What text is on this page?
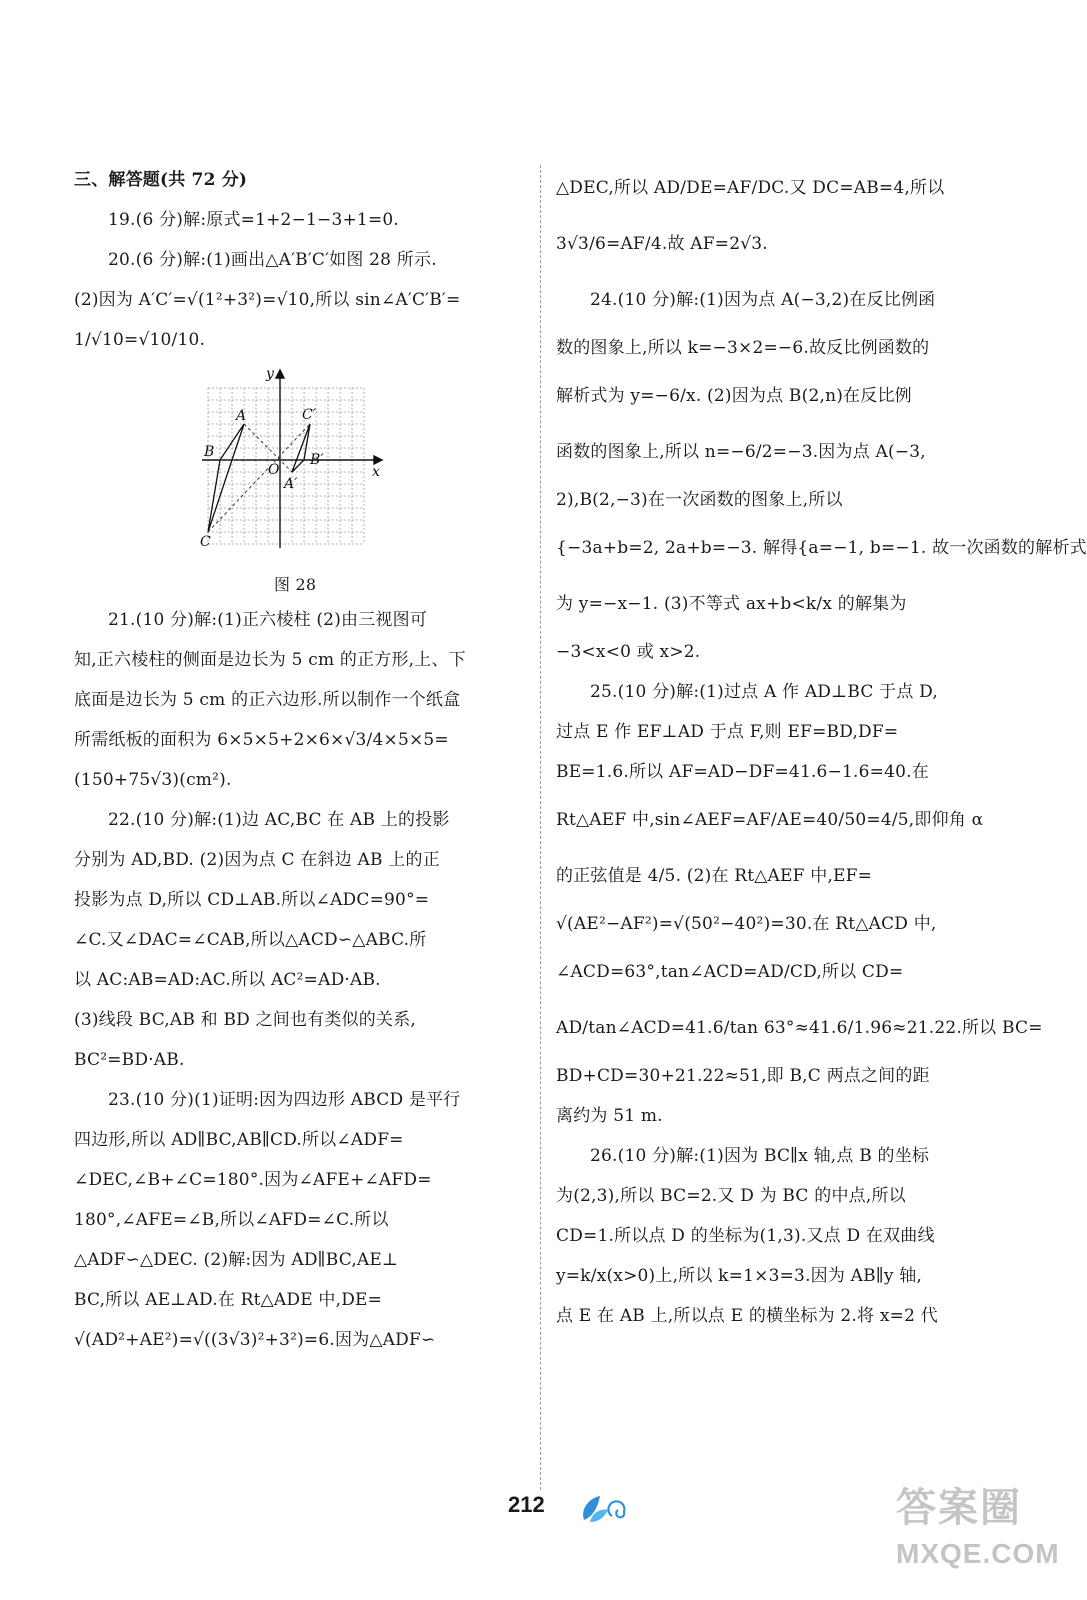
三、解答题(共 72 分)
19.(6 分)解:原式=1+2−1−3+1=0.
20.(6 分)解:(1)画出△A′B′C′如图 28 所示.
(2)因为 A′C′=√(1²+3²)=√10,所以 sin∠A′C′B′=
1/√10=√10/10.
x
y
O
A
B
C
A′
B′
C′
图 28
21.(10 分)解:(1)正六棱柱 (2)由三视图可
知,正六棱柱的侧面是边长为 5 cm 的正方形,上、下
底面是边长为 5 cm 的正六边形.所以制作一个纸盒
所需纸板的面积为 6×5×5+2×6×√3/4×5×5=
(150+75√3)(cm²).
22.(10 分)解:(1)边 AC,BC 在 AB 上的投影
分别为 AD,BD. (2)因为点 C 在斜边 AB 上的正
投影为点 D,所以 CD⊥AB.所以∠ADC=90°=
∠C.又∠DAC=∠CAB,所以△ACD∽△ABC.所
以 AC:AB=AD:AC.所以 AC²=AD·AB.
(3)线段 BC,AB 和 BD 之间也有类似的关系,
BC²=BD·AB.
23.(10 分)(1)证明:因为四边形 ABCD 是平行
四边形,所以 AD∥BC,AB∥CD.所以∠ADF=
∠DEC,∠B+∠C=180°.因为∠AFE+∠AFD=
180°,∠AFE=∠B,所以∠AFD=∠C.所以
△ADF∽△DEC. (2)解:因为 AD∥BC,AE⊥
BC,所以 AE⊥AD.在 Rt△ADE 中,DE=
√(AD²+AE²)=√((3√3)²+3²)=6.因为△ADF∽
△DEC,所以 AD/DE=AF/DC.又 DC=AB=4,所以
3√3/6=AF/4.故 AF=2√3.
24.(10 分)解:(1)因为点 A(−3,2)在反比例函
数的图象上,所以 k=−3×2=−6.故反比例函数的
解析式为 y=−6/x. (2)因为点 B(2,n)在反比例
函数的图象上,所以 n=−6/2=−3.因为点 A(−3,
2),B(2,−3)在一次函数的图象上,所以
{−3a+b=2, 2a+b=−3. 解得{a=−1, b=−1. 故一次函数的解析式
为 y=−x−1. (3)不等式 ax+b<k/x 的解集为
−3<x<0 或 x>2.
25.(10 分)解:(1)过点 A 作 AD⊥BC 于点 D,
过点 E 作 EF⊥AD 于点 F,则 EF=BD,DF=
BE=1.6.所以 AF=AD−DF=41.6−1.6=40.在
Rt△AEF 中,sin∠AEF=AF/AE=40/50=4/5,即仰角 α
的正弦值是 4/5. (2)在 Rt△AEF 中,EF=
√(AE²−AF²)=√(50²−40²)=30.在 Rt△ACD 中,
∠ACD=63°,tan∠ACD=AD/CD,所以 CD=
AD/tan∠ACD=41.6/tan 63°≈41.6/1.96≈21.22.所以 BC=
BD+CD=30+21.22≈51,即 B,C 两点之间的距
离约为 51 m.
26.(10 分)解:(1)因为 BC∥x 轴,点 B 的坐标
为(2,3),所以 BC=2.又 D 为 BC 的中点,所以
CD=1.所以点 D 的坐标为(1,3).又点 D 在双曲线
y=k/x(x>0)上,所以 k=1×3=3.因为 AB∥y 轴,
点 E 在 AB 上,所以点 E 的横坐标为 2.将 x=2 代
212	答案圈
MXQE.COM
